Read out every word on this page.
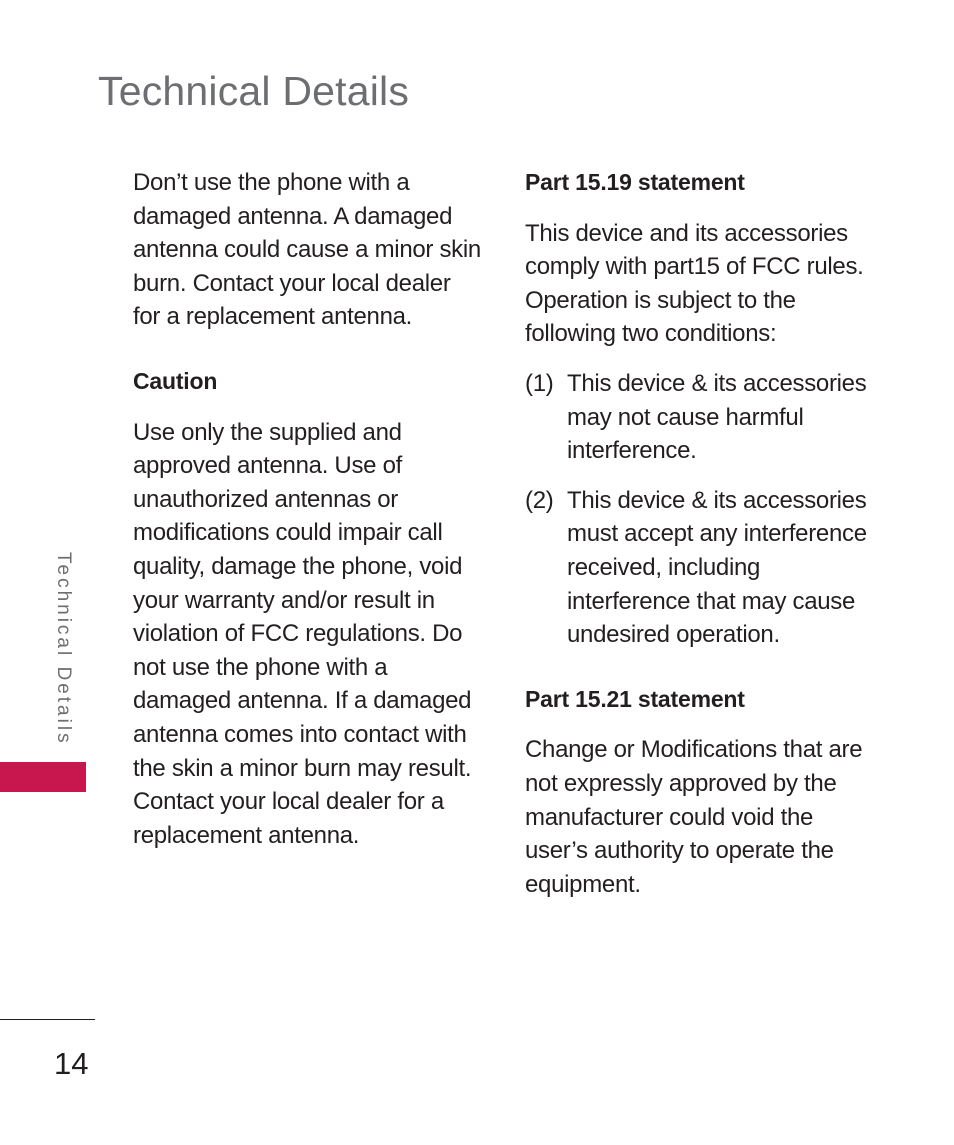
Technical Details

Don’t use the phone with a
damaged antenna. A damaged
antenna could cause a minor skin
burn. Contact your local dealer
for a replacement antenna.

Caution

Use only the supplied and
approved antenna. Use of
unauthorized antennas or
modifications could impair call
quality, damage the phone, void
your warranty and/or result in
violation of FCC regulations. Do
not use the phone with a
damaged antenna. If a damaged
antenna comes into contact with
the skin a minor burn may result.
Contact your local dealer for a
replacement antenna.

Part 15.19 statement

This device and its accessories
comply with part15 of FCC rules.
Operation is subject to the
following two conditions:

(1) This device & its accessories
may not cause harmful
interference.
(2) This device & its accessories
must accept any interference
received, including
interference that may cause
undesired operation.
Part 15.21 statement

Change or Modifications that are
not expressly approved by the
manufacturer could void the
user’s authority to operate the
equipment.

Technical Details
14
